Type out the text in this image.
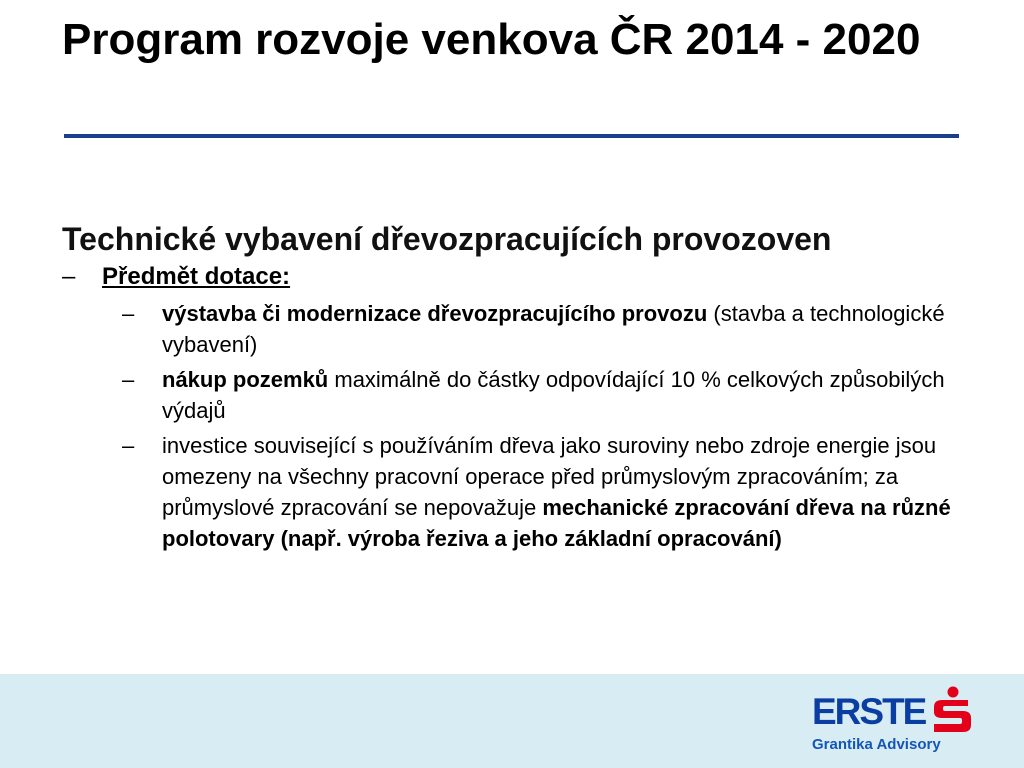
Program rozvoje venkova ČR 2014 - 2020

Technické vybavení dřevozpracujících provozoven

–	Předmět dotace:
–	výstavba či modernizace dřevozpracujícího provozu (stavba a technologické vybavení)
–	nákup pozemků maximálně do částky odpovídající 10 % celkových způsobilých výdajů
–	investice související s používáním dřeva jako suroviny nebo zdroje energie jsou omezeny na všechny pracovní operace před průmyslovým zpracováním; za průmyslové zpracování se nepovažuje mechanické zpracování dřeva na různé polotovary (např. výroba řeziva a jeho základní opracování)
ERSTE
Grantika Advisory
